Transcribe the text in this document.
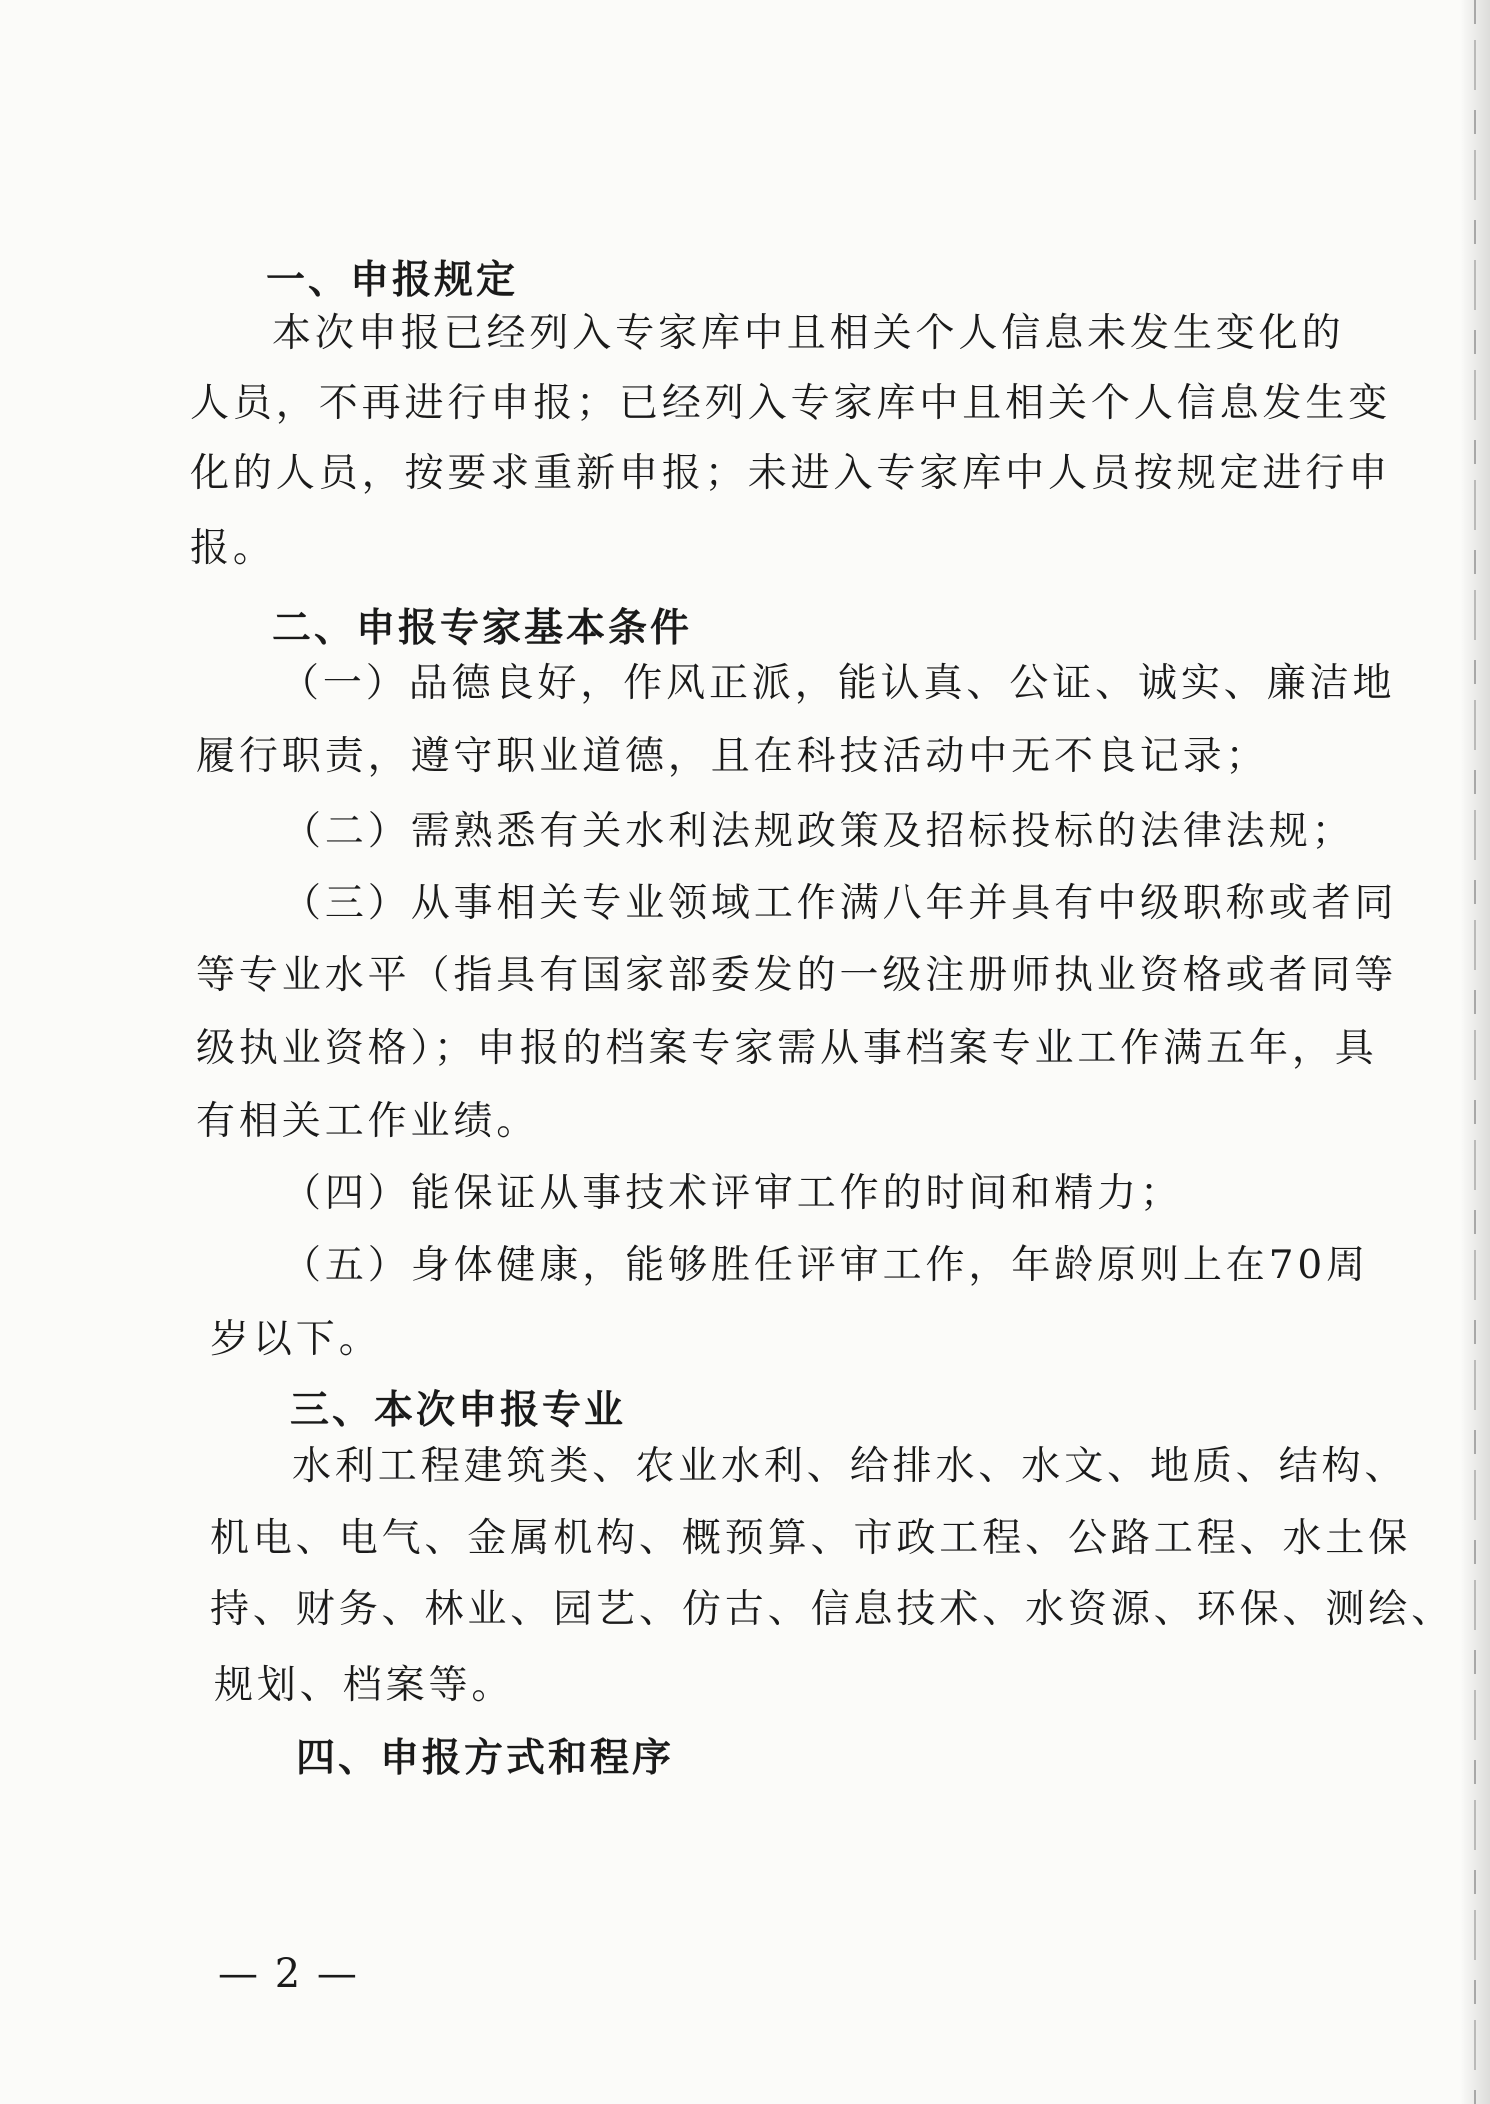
一、申报规定
本次申报已经列入专家库中且相关个人信息未发生变化的
人员，不再进行申报；已经列入专家库中且相关个人信息发生变
化的人员，按要求重新申报；未进入专家库中人员按规定进行申
报。
二、申报专家基本条件
（一）品德良好，作风正派，能认真、公证、诚实、廉洁地
履行职责，遵守职业道德，且在科技活动中无不良记录；
（二）需熟悉有关水利法规政策及招标投标的法律法规；
（三）从事相关专业领域工作满八年并具有中级职称或者同
等专业水平（指具有国家部委发的一级注册师执业资格或者同等
级执业资格）；申报的档案专家需从事档案专业工作满五年，具
有相关工作业绩。
（四）能保证从事技术评审工作的时间和精力；
（五）身体健康，能够胜任评审工作，年龄原则上在70周
岁以下。
三、本次申报专业
水利工程建筑类、农业水利、给排水、水文、地质、结构、
机电、电气、金属机构、概预算、市政工程、公路工程、水土保
持、财务、林业、园艺、仿古、信息技术、水资源、环保、测绘、
规划、档案等。
四、申报方式和程序
— 2 —
